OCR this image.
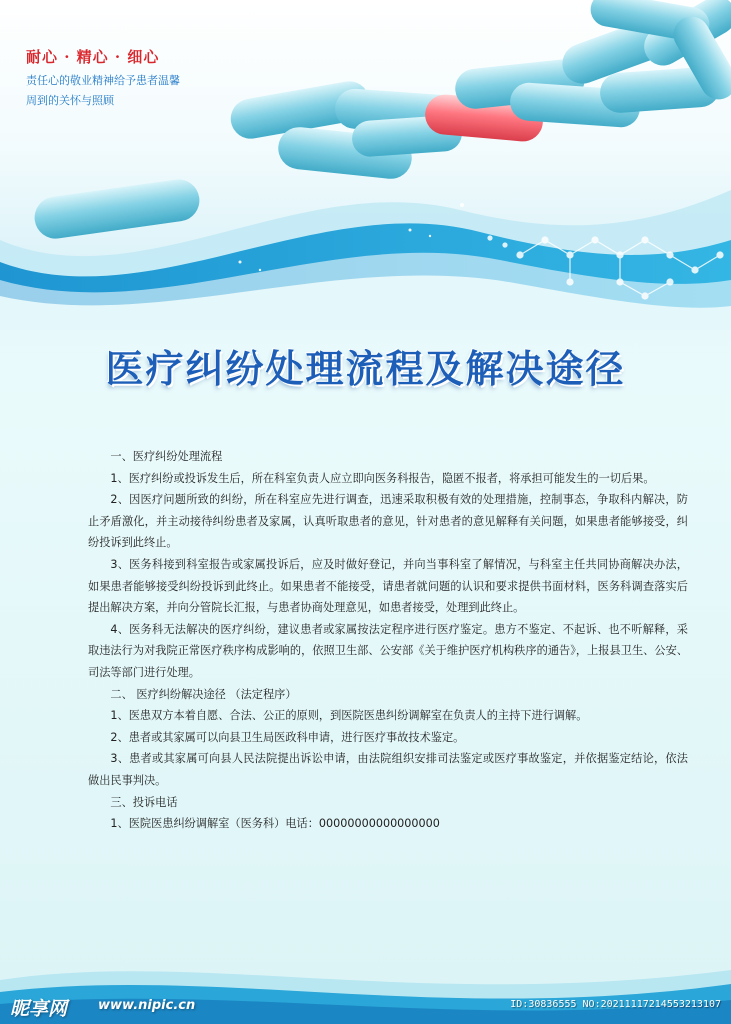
耐心 · 精心 · 细心
责任心的敬业精神给予患者温馨
周到的关怀与照顾
医疗纠纷处理流程及解决途径

一、医疗纠纷处理流程

1、医疗纠纷或投诉发生后，所在科室负责人应立即向医务科报告，隐匿不报者，将承担可能发生的一切后果。

2、因医疗问题所致的纠纷，所在科室应先进行调查，迅速采取积极有效的处理措施，控制事态，争取科内解决，防止矛盾激化，并主动接待纠纷患者及家属，认真听取患者的意见，针对患者的意见解释有关问题，如果患者能够接受，纠纷投诉到此终止。

3、医务科接到科室报告或家属投诉后，应及时做好登记，并向当事科室了解情况，与科室主任共同协商解决办法，如果患者能够接受纠纷投诉到此终止。如果患者不能接受，请患者就问题的认识和要求提供书面材料，医务科调查落实后提出解决方案，并向分管院长汇报，与患者协商处理意见，如患者接受，处理到此终止。

4、医务科无法解决的医疗纠纷，建议患者或家属按法定程序进行医疗鉴定。患方不鉴定、不起诉、也不听解释，采取违法行为对我院正常医疗秩序构成影响的，依照卫生部、公安部《关于维护医疗机构秩序的通告》，上报县卫生、公安、司法等部门进行处理。

二、 医疗纠纷解决途径 （法定程序）

1、医患双方本着自愿、合法、公正的原则，到医院医患纠纷调解室在负责人的主持下进行调解。

2、患者或其家属可以向县卫生局医政科申请，进行医疗事故技术鉴定。

3、患者或其家属可向县人民法院提出诉讼申请，由法院组织安排司法鉴定或医疗事故鉴定，并依据鉴定结论，依法做出民事判决。

三、投诉电话

1、医院医患纠纷调解室（医务科）电话：00000000000000000

昵享网 www.nipic.cn	ID:30836555 NO:20211117214553213107
